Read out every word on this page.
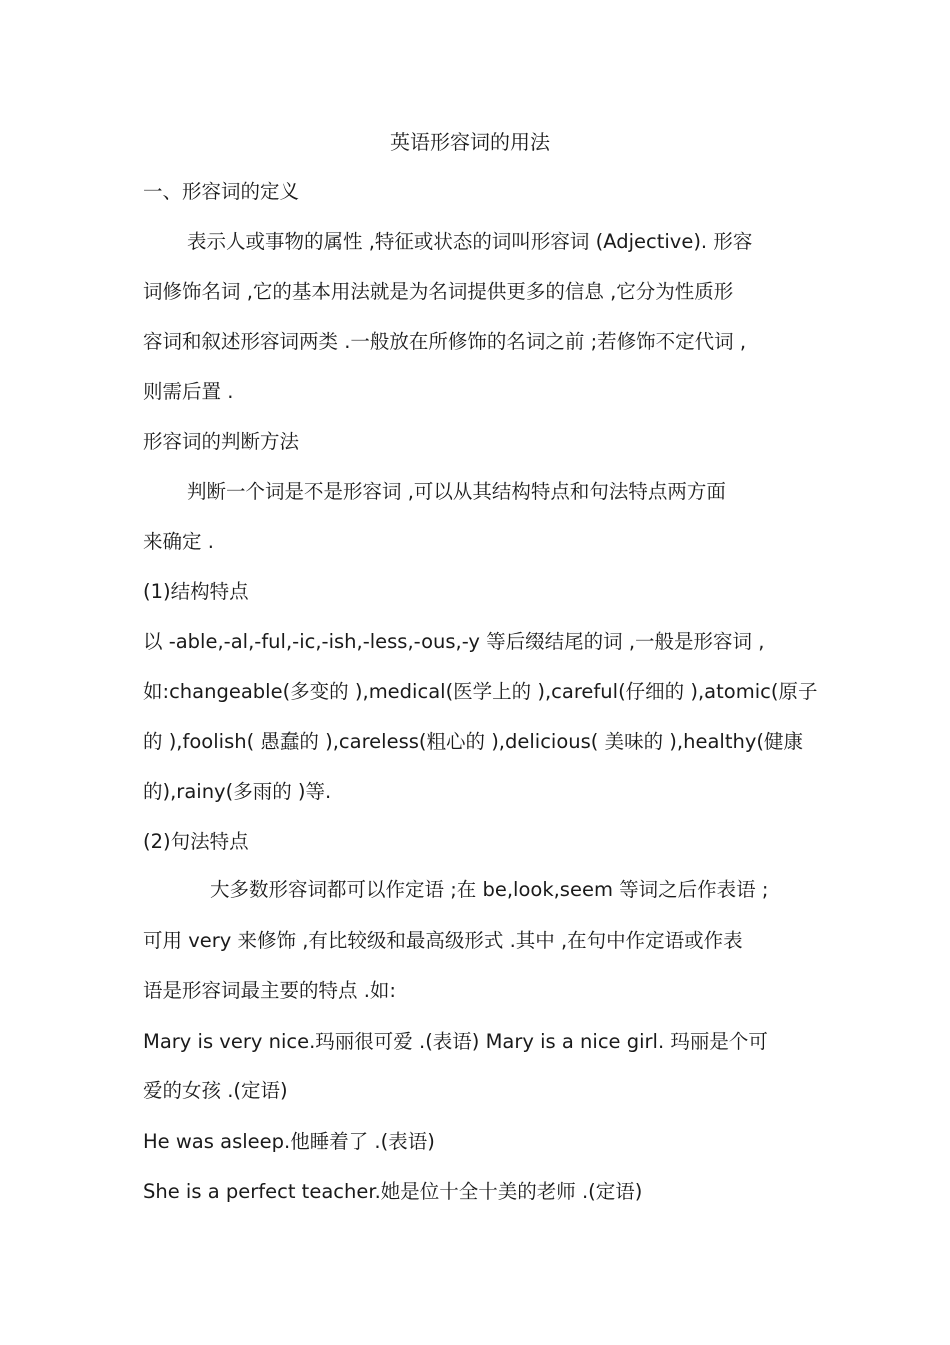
英语形容词的用法
一、形容词的定义
表示人或事物的属性 ,特征或状态的词叫形容词 (Adjective). 形容
词修饰名词 ,它的基本用法就是为名词提供更多的信息 ,它分为性质形
容词和叙述形容词两类 .一般放在所修饰的名词之前 ;若修饰不定代词 ,
则需后置 .
形容词的判断方法
判断一个词是不是形容词 ,可以从其结构特点和句法特点两方面
来确定 .
(1)结构特点
以 -able,-al,-ful,-ic,-ish,-less,-ous,-y 等后缀结尾的词 ,一般是形容词 ,
如:changeable(多变的 ),medical(医学上的 ),careful(仔细的 ),atomic(原子
的 ),foolish( 愚蠢的 ),careless(粗心的 ),delicious( 美味的 ),healthy(健康
的),rainy(多雨的 )等.
(2)句法特点
大多数形容词都可以作定语 ;在 be,look,seem 等词之后作表语 ;
可用 very 来修饰 ,有比较级和最高级形式 .其中 ,在句中作定语或作表
语是形容词最主要的特点 .如:
Mary is very nice.玛丽很可爱 .(表语) Mary is a nice girl. 玛丽是个可
爱的女孩 .(定语)
He was asleep.他睡着了 .(表语)
She is a perfect teacher.她是位十全十美的老师 .(定语)
